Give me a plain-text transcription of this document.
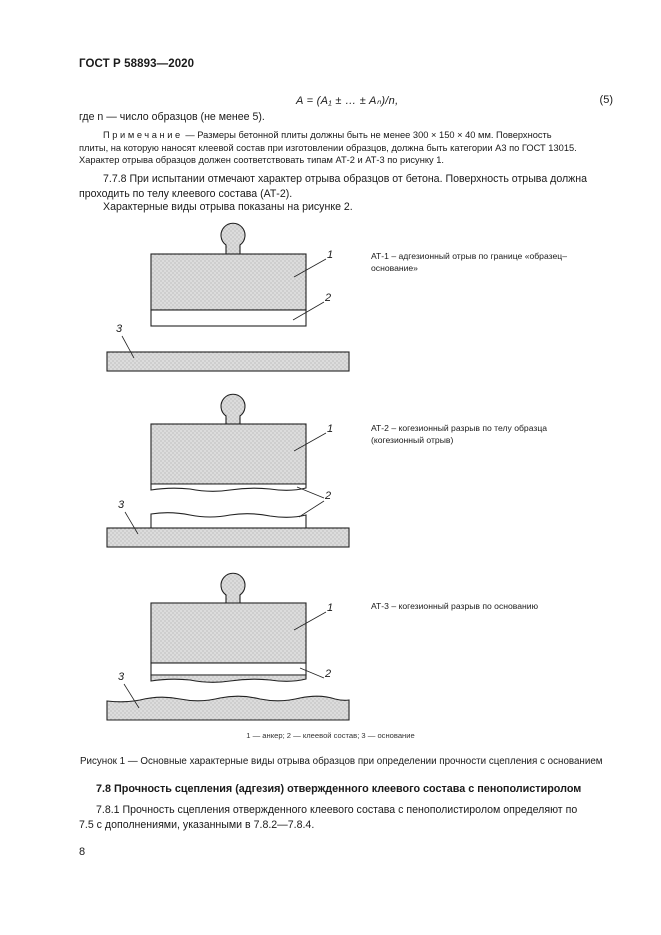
ГОСТ Р 58893—2020
A = (A₁ ± … ± Aₙ)/n,	(5)
где n — число образцов (не менее 5).
Примечание — Размеры бетонной плиты должны быть не менее 300 × 150 × 40 мм. Поверхность
плиты, на которую наносят клеевой состав при изготовлении образцов, должна быть категории А3 по ГОСТ 13015.
Характер отрыва образцов должен соответствовать типам АТ-2 и АТ-3 по рисунку 1.
7.7.8 При испытании отмечают характер отрыва образцов от бетона. Поверхность отрыва должна
проходить по телу клеевого состава (АТ-2).
Характерные виды отрыва показаны на рисунке 2.
1
2
3
1
2
3
1
2
3
АТ-1 – адгезионный отрыв по границе «образец–
основание»
АТ-2 – когезионный разрыв по телу образца
(когезионный отрыв)
АТ-3 – когезионный разрыв по основанию
1 — анкер; 2 — клеевой состав; 3 — основание
Рисунок 1 — Основные характерные виды отрыва образцов при определении прочности сцепления с основанием
7.8 Прочность сцепления (адгезия) отвержденного клеевого состава с пенополистиролом
7.8.1 Прочность сцепления отвержденного клеевого состава с пенополистиролом определяют по
7.5 с дополнениями, указанными в 7.8.2—7.8.4.
8
